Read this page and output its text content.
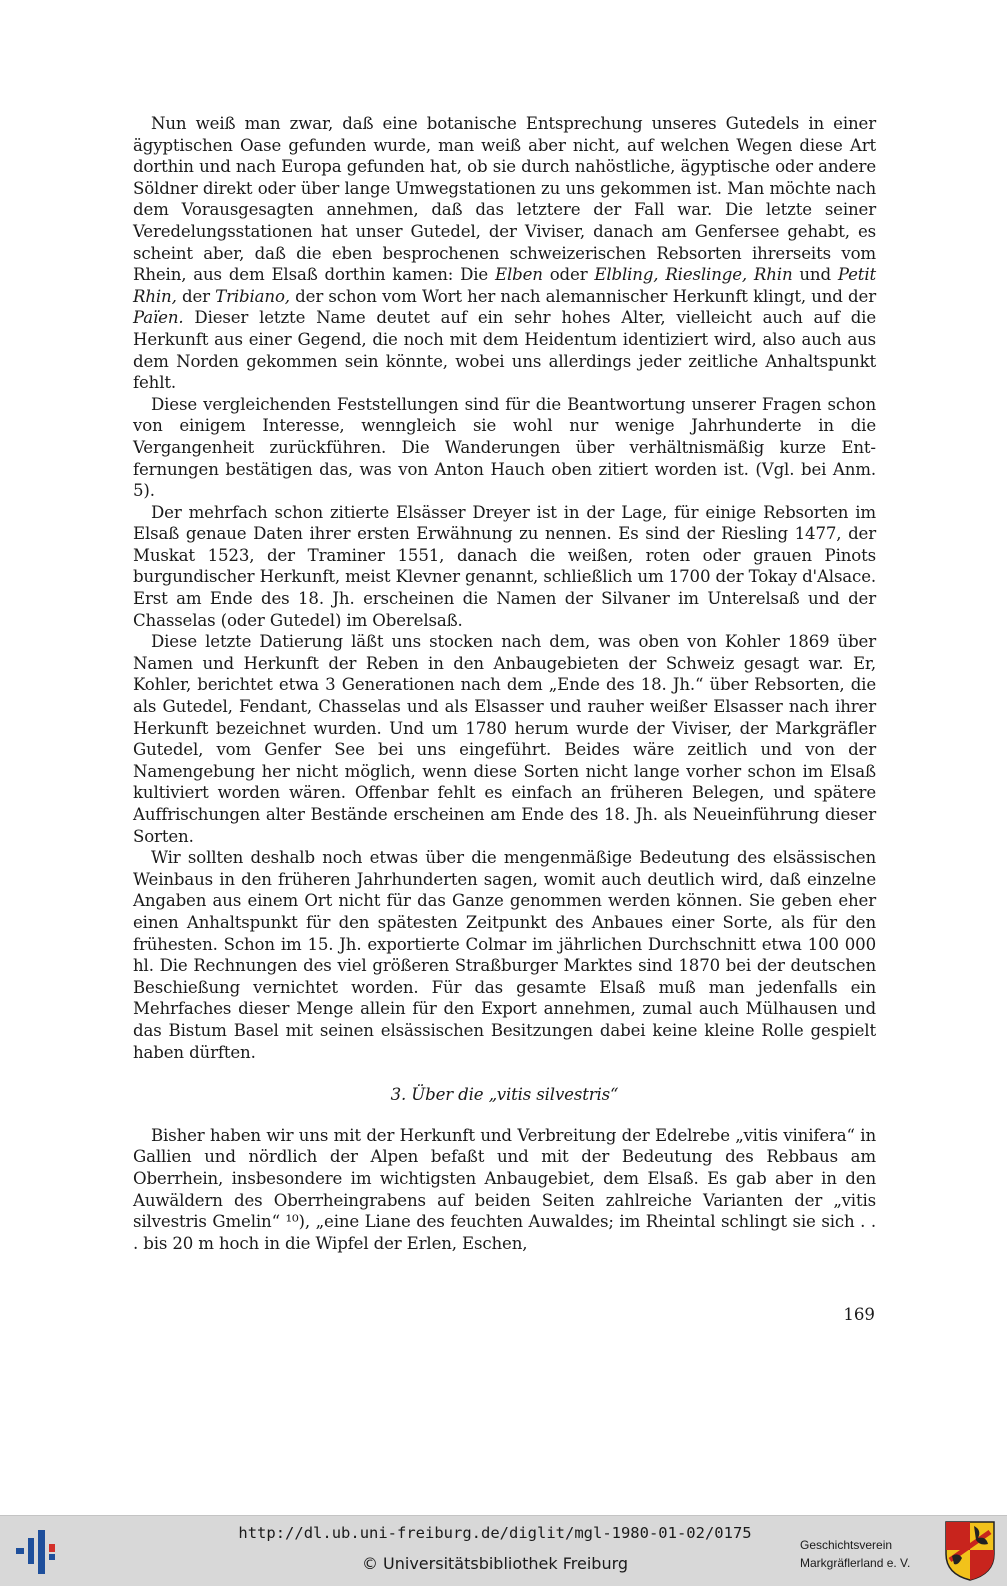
Nun weiß man zwar, daß eine botanische Entsprechung unseres Gutedels in einer ägyptischen Oase gefunden wurde, man weiß aber nicht, auf welchen Wegen diese Art dorthin und nach Europa gefunden hat, ob sie durch nahöstliche, ägyptische oder andere Söldner direkt oder über lange Umwegstationen zu uns gekommen ist. Man möchte nach dem Vorausgesagten annehmen, daß das letztere der Fall war. Die letzte seiner Veredelungsstationen hat unser Gutedel, der Viviser, danach am Genfersee gehabt, es scheint aber, daß die eben besprochenen schweizerischen Rebsorten ihrerseits vom Rhein, aus dem Elsaß dorthin kamen: Die Elben oder Elbling, Rieslinge, Rhin und Petit Rhin, der Tribiano, der schon vom Wort her nach alemannischer Herkunft klingt, und der Païen. Dieser letzte Name deutet auf ein sehr hohes Alter, vielleicht auch auf die Herkunft aus einer Gegend, die noch mit dem Heidentum identiziert wird, also auch aus dem Norden gekommen sein könnte, wobei uns allerdings jeder zeitliche Anhaltspunkt fehlt.

Diese vergleichenden Feststellungen sind für die Beantwortung unserer Fragen schon von einigem Interesse, wenngleich sie wohl nur wenige Jahrhunderte in die Vergangenheit zurückführen. Die Wanderungen über verhältnismäßig kurze Entfernungen bestätigen das, was von Anton Hauch oben zitiert worden ist. (Vgl. bei Anm. 5).

Der mehrfach schon zitierte Elsässer Dreyer ist in der Lage, für einige Rebsorten im Elsaß genaue Daten ihrer ersten Erwähnung zu nennen. Es sind der Riesling 1477, der Muskat 1523, der Traminer 1551, danach die weißen, roten oder grauen Pinots burgundischer Herkunft, meist Klevner genannt, schließlich um 1700 der Tokay d'Alsace. Erst am Ende des 18. Jh. erscheinen die Namen der Silvaner im Unterelsaß und der Chasselas (oder Gutedel) im Oberelsaß.

Diese letzte Datierung läßt uns stocken nach dem, was oben von Kohler 1869 über Namen und Herkunft der Reben in den Anbaugebieten der Schweiz gesagt war. Er, Kohler, berichtet etwa 3 Generationen nach dem „Ende des 18. Jh.“ über Rebsorten, die als Gutedel, Fendant, Chasselas und als Elsasser und rauher weißer Elsasser nach ihrer Herkunft bezeichnet wurden. Und um 1780 herum wurde der Viviser, der Markgräfler Gutedel, vom Genfer See bei uns eingeführt. Beides wäre zeitlich und von der Namengebung her nicht möglich, wenn diese Sorten nicht lange vorher schon im Elsaß kultiviert worden wären. Offenbar fehlt es einfach an früheren Belegen, und spätere Auffrischungen alter Bestände erscheinen am Ende des 18. Jh. als Neueinführung dieser Sorten.

Wir sollten deshalb noch etwas über die mengenmäßige Bedeutung des elsässischen Weinbaus in den früheren Jahrhunderten sagen, womit auch deutlich wird, daß einzelne Angaben aus einem Ort nicht für das Ganze genommen werden können. Sie geben eher einen Anhaltspunkt für den spätesten Zeitpunkt des Anbaues einer Sorte, als für den frühesten. Schon im 15. Jh. exportierte Colmar im jährlichen Durchschnitt etwa 100 000 hl. Die Rechnungen des viel größeren Straßburger Marktes sind 1870 bei der deutschen Beschießung vernichtet worden. Für das gesamte Elsaß muß man jedenfalls ein Mehrfaches dieser Menge allein für den Export annehmen, zumal auch Mülhausen und das Bistum Basel mit seinen elsässischen Besitzungen dabei keine kleine Rolle gespielt haben dürften.

3. Über die „vitis silvestris“

Bisher haben wir uns mit der Herkunft und Verbreitung der Edelrebe „vitis vinifera“ in Gallien und nördlich der Alpen befaßt und mit der Bedeutung des Rebbaus am Oberrhein, insbesondere im wichtigsten Anbaugebiet, dem Elsaß. Es gab aber in den Auwäldern des Oberrheingrabens auf beiden Seiten zahlreiche Varianten der „vitis silvestris Gmelin“ ¹⁰), „eine Liane des feuchten Auwaldes; im Rheintal schlingt sie sich . . . bis 20 m hoch in die Wipfel der Erlen, Eschen,

169
http://dl.ub.uni-freiburg.de/diglit/mgl-1980-01-02/0175
© Universitätsbibliothek Freiburg
Geschichtsverein
Markgräflerland e. V.
